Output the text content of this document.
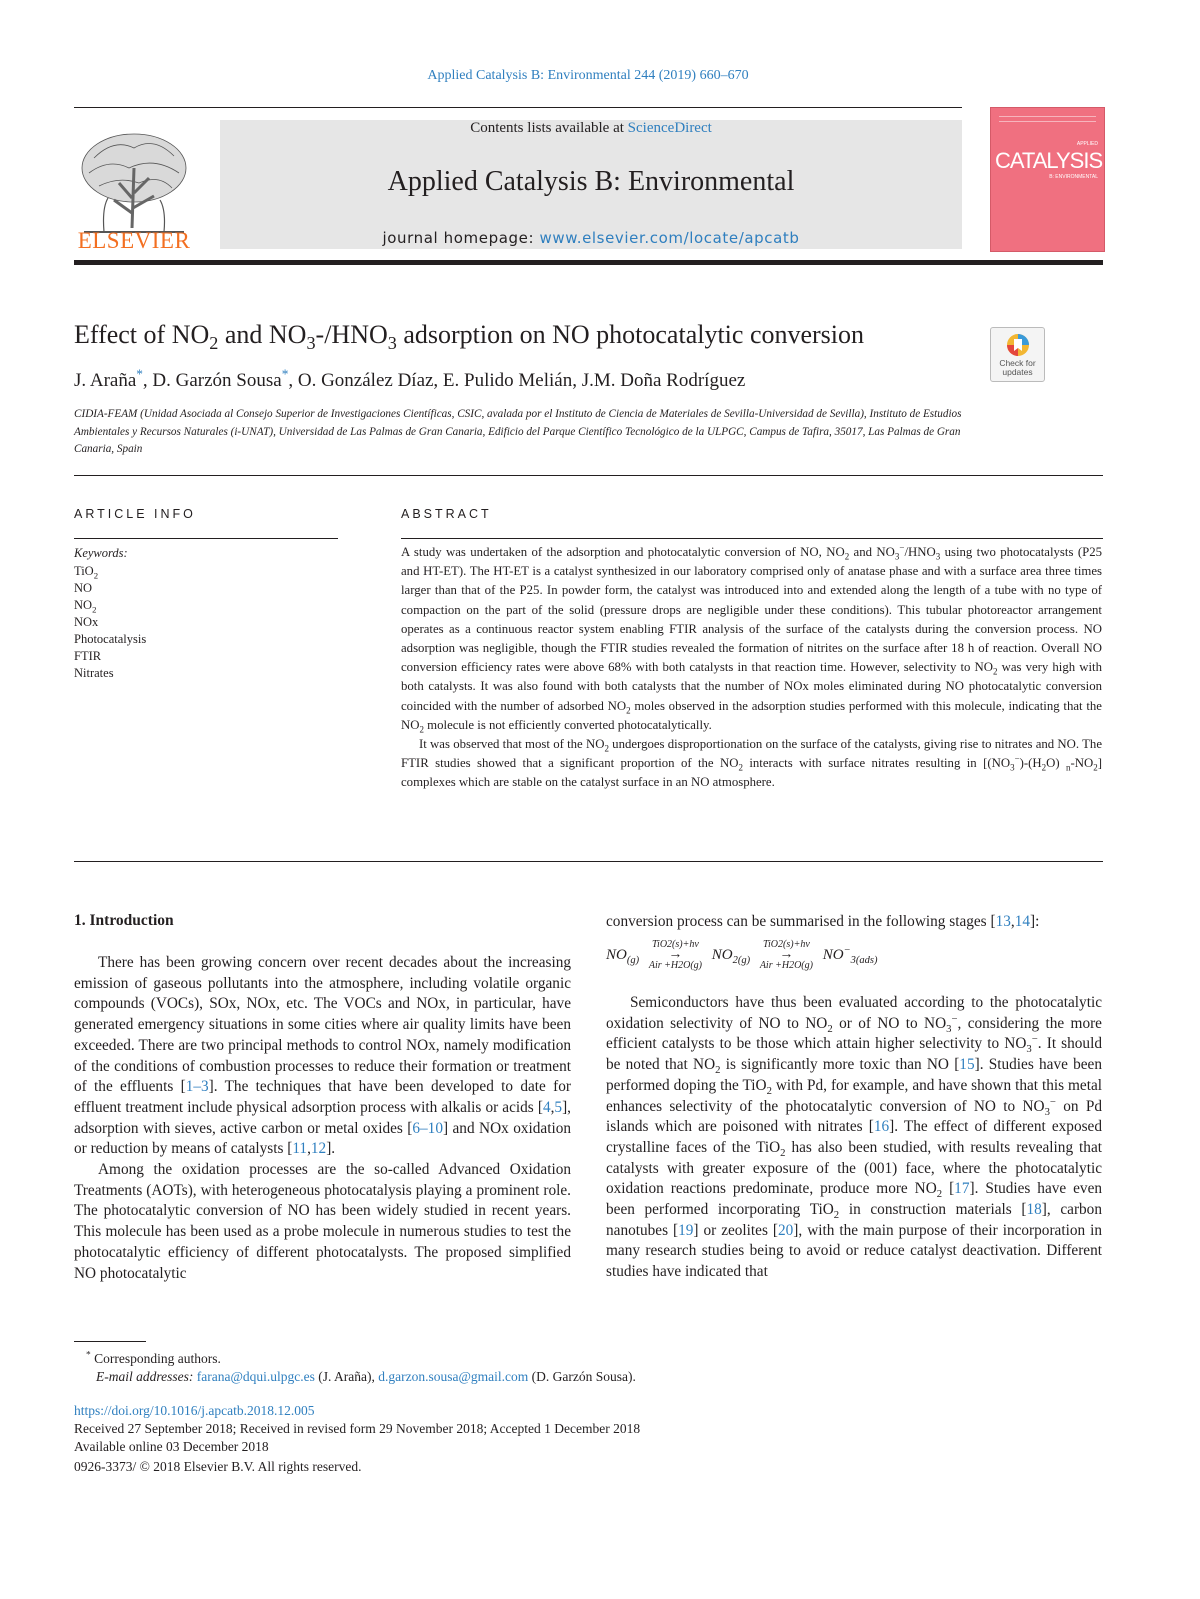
Applied Catalysis B: Environmental 244 (2019) 660–670
ELSEVIER
Contents lists available at ScienceDirect
Applied Catalysis B: Environmental
journal homepage: www.elsevier.com/locate/apcatb
APPLIED
CATALYSIS
B: ENVIRONMENTAL
Effect of $NO_2$ and $NO_3-/HNO_3$ adsorption on NO photocatalytic conversion
Check for updates
J. Araña*, D. Garzón Sousa*, O. González Díaz, E. Pulido Melián, J.M. Doña Rodríguez
CIDIA-FEAM (Unidad Asociada al Consejo Superior de Investigaciones Científicas, CSIC, avalada por el Instituto de Ciencia de Materiales de Sevilla-Universidad de Sevilla), Instituto de Estudios Ambientales y Recursos Naturales (i-UNAT), Universidad de Las Palmas de Gran Canaria, Edificio del Parque Científico Tecnológico de la ULPGC, Campus de Tafira, 35017, Las Palmas de Gran Canaria, Spain
ARTICLE INFO
Keywords:
TiO$_2$
NO
$NO_2$
NOx
Photocatalysis
FTIR
Nitrates
ABSTRACT

A study was undertaken of the adsorption and photocatalytic conversion of NO, $NO_2$ and $NO_3^-/HNO_3$ using two photocatalysts (P25 and HT-ET). The HT-ET is a catalyst synthesized in our laboratory comprised only of anatase phase and with a surface area three times larger than that of the P25. In powder form, the catalyst was introduced into and extended along the length of a tube with no type of compaction on the part of the solid (pressure drops are negligible under these conditions). This tubular photoreactor arrangement operates as a continuous reactor system enabling FTIR analysis of the surface of the catalysts during the conversion process. NO adsorption was negligible, though the FTIR studies revealed the formation of nitrites on the surface after 18 h of reaction. Overall NO conversion efficiency rates were above 68% with both catalysts in that reaction time. However, selectivity to $NO_2$ was very high with both catalysts. It was also found with both catalysts that the number of NOx moles eliminated during NO photocatalytic conversion coincided with the number of adsorbed $NO_2$ moles observed in the adsorption studies performed with this molecule, indicating that the $NO_2$ molecule is not efficiently converted photocatalytically.

It was observed that most of the $NO_2$ undergoes disproportionation on the surface of the catalysts, giving rise to nitrates and NO. The FTIR studies showed that a significant proportion of the $NO_2$ interacts with surface nitrates resulting in [$(NO_3^-)-(H_2O)$ $_n-NO_2$] complexes which are stable on the catalyst surface in an NO atmosphere.

1. Introduction

There has been growing concern over recent decades about the increasing emission of gaseous pollutants into the atmosphere, including volatile organic compounds (VOCs), SOx, NOx, etc. The VOCs and NOx, in particular, have generated emergency situations in some cities where air quality limits have been exceeded. There are two principal methods to control NOx, namely modification of the conditions of combustion processes to reduce their formation or treatment of the effluents [1–3]. The techniques that have been developed to date for effluent treatment include physical adsorption process with alkalis or acids [4,5], adsorption with sieves, active carbon or metal oxides [6–10] and NOx oxidation or reduction by means of catalysts [11,12].

Among the oxidation processes are the so-called Advanced Oxidation Treatments (AOTs), with heterogeneous photocatalysis playing a prominent role. The photocatalytic conversion of NO has been widely studied in recent years. This molecule has been used as a probe molecule in numerous studies to test the photocatalytic efficiency of different photocatalysts. The proposed simplified NO photocatalytic

conversion process can be summarised in the following stages [13,14]:

$NO_{(g)}$ TiO2(s)+hν
→
Air +H2O(g) $NO_{2(g)}$ TiO2(s)+hν
→
Air +H2O(g) $NO^-_{3(ads)}$

Semiconductors have thus been evaluated according to the photocatalytic oxidation selectivity of NO to $NO_2$ or of NO to $NO_3^-$, considering the more efficient catalysts to be those which attain higher selectivity to $NO_3^-$. It should be noted that $NO_2$ is significantly more toxic than NO [15]. Studies have been performed doping the TiO$_2$ with Pd, for example, and have shown that this metal enhances selectivity of the photocatalytic conversion of NO to $NO_3^-$ on Pd islands which are poisoned with nitrates [16]. The effect of different exposed crystalline faces of the TiO$_2$ has also been studied, with results revealing that catalysts with greater exposure of the (001) face, where the photocatalytic oxidation reactions predominate, produce more $NO_2$ [17]. Studies have even been performed incorporating TiO$_2$ in construction materials [18], carbon nanotubes [19] or zeolites [20], with the main purpose of their incorporation in many research studies being to avoid or reduce catalyst deactivation. Different studies have indicated that

* Corresponding authors.
E-mail addresses: farana@dqui.ulpgc.es (J. Araña), d.garzon.sousa@gmail.com (D. Garzón Sousa).
https://doi.org/10.1016/j.apcatb.2018.12.005
Received 27 September 2018; Received in revised form 29 November 2018; Accepted 1 December 2018
Available online 03 December 2018
0926-3373/ © 2018 Elsevier B.V. All rights reserved.
